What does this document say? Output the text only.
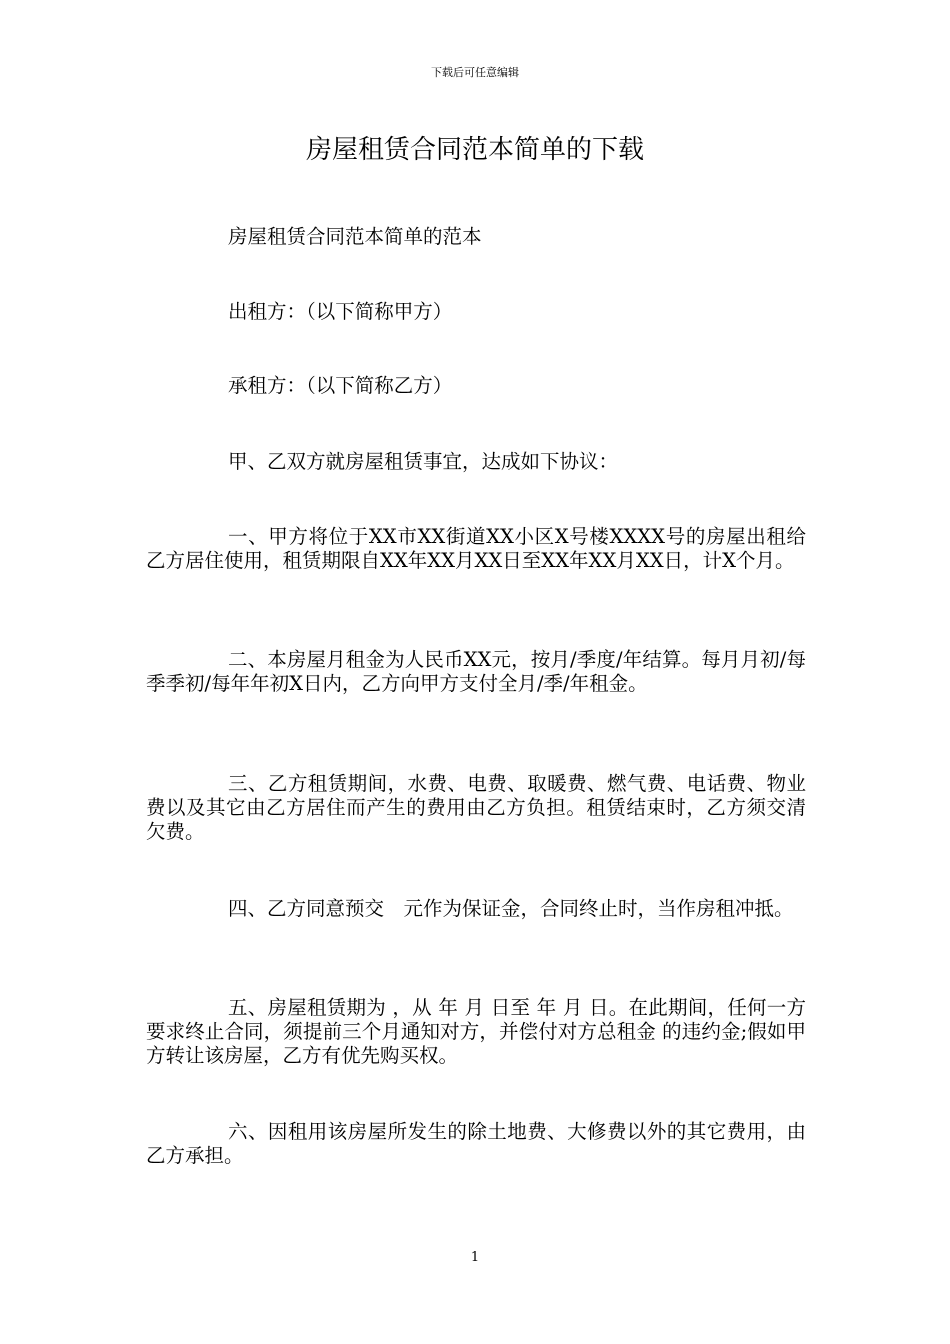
下载后可任意编辑
房屋租赁合同范本简单的下载

房屋租赁合同范本简单的范本

出租方：（以下简称甲方）

承租方：（以下简称乙方）

甲、乙双方就房屋租赁事宜，达成如下协议：

一、甲方将位于XX市XX街道XX小区X号楼XXXX号的房屋出租给乙方居住使用，租赁期限自XX年XX月XX日至XX年XX月XX日，计X个月。

二、本房屋月租金为人民币XX元，按月/季度/年结算。每月月初/每季季初/每年年初X日内，乙方向甲方支付全月/季/年租金。

三、乙方租赁期间，水费、电费、取暖费、燃气费、电话费、物业费以及其它由乙方居住而产生的费用由乙方负担。租赁结束时，乙方须交清欠费。

四、乙方同意预交　元作为保证金，合同终止时，当作房租冲抵。

五、房屋租赁期为 ，从 年 月 日至 年 月 日。在此期间，任何一方要求终止合同，须提前三个月通知对方，并偿付对方总租金 的违约金;假如甲方转让该房屋，乙方有优先购买权。

六、因租用该房屋所发生的除土地费、大修费以外的其它费用，由乙方承担。

1
